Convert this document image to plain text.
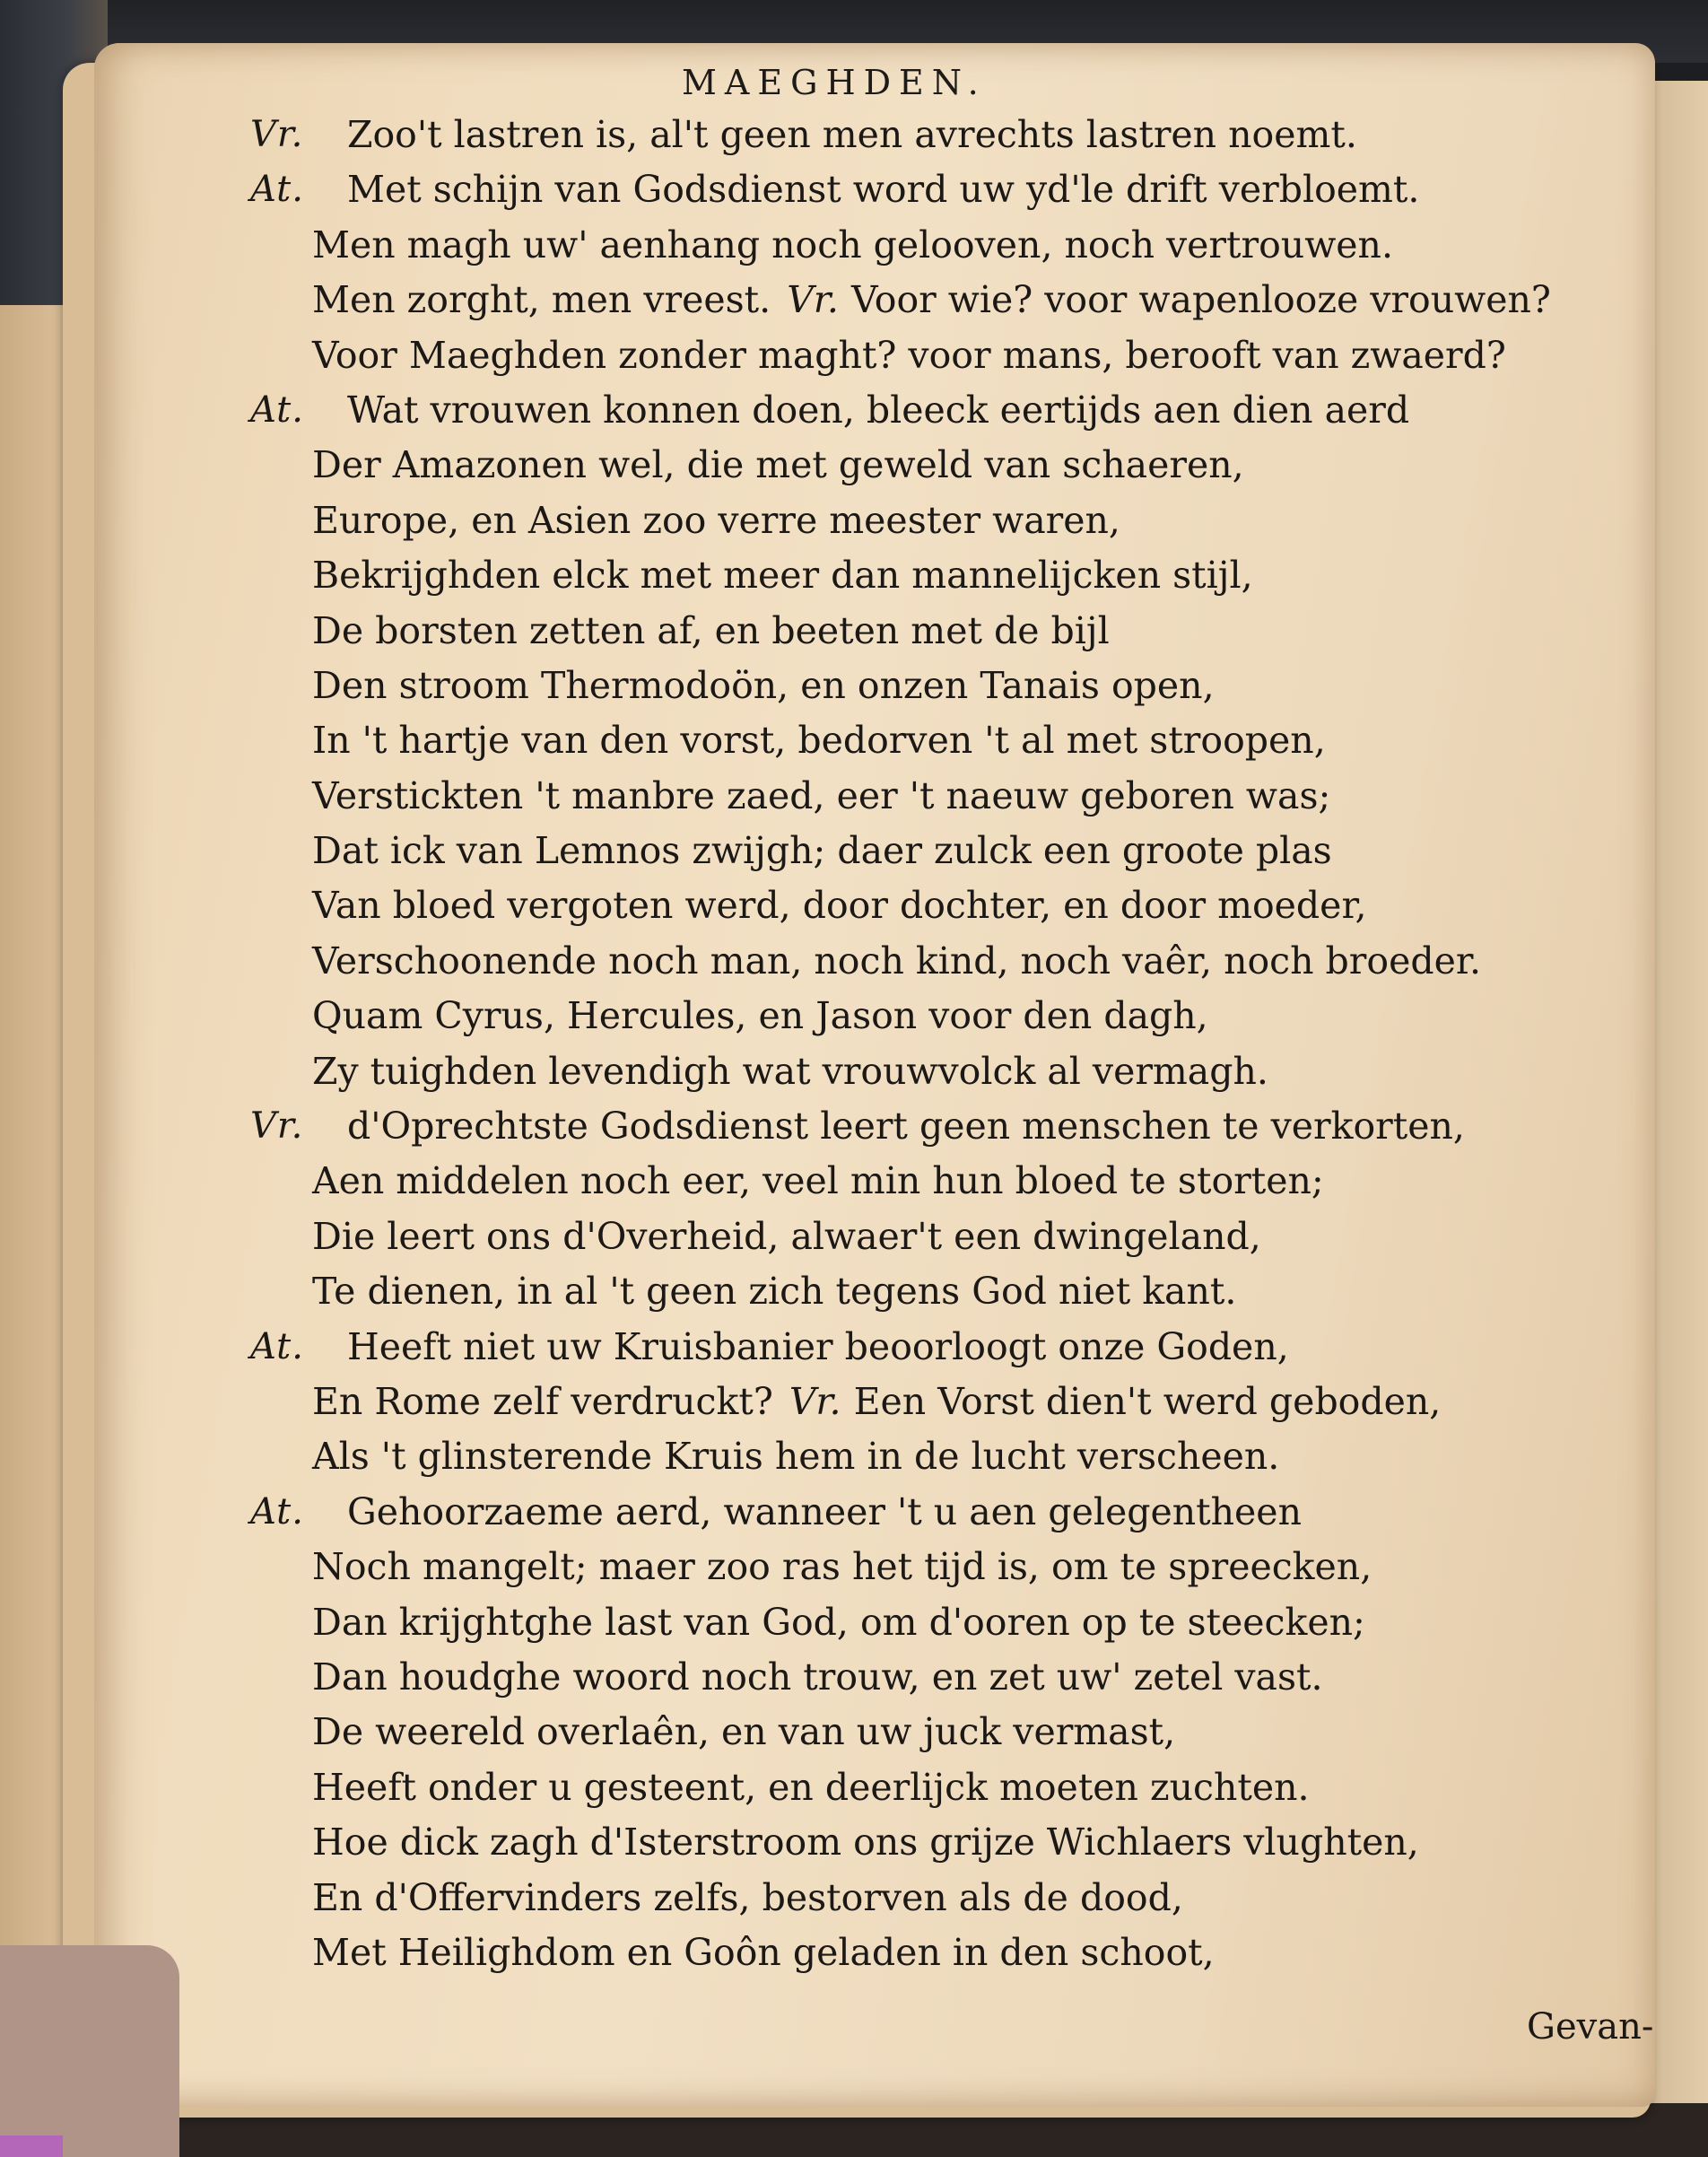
MAEGHDEN.
Vr. Zoo't lastren is, al't geen men avrechts lastren noemt.
At. Met schijn van Godsdienst word uw yd'le drift verbloemt.
Men magh uw' aenhang noch gelooven, noch vertrouwen.
Men zorght, men vreest. Vr. Voor wie? voor wapenlooze vrouwen?
Voor Maeghden zonder maght? voor mans, berooft van zwaerd?
At. Wat vrouwen konnen doen, bleeck eertijds aen dien aerd
Der Amazonen wel, die met geweld van schaeren,
Europe, en Asien zoo verre meester waren,
Bekrijghden elck met meer dan mannelijcken stijl,
De borsten zetten af, en beeten met de bijl
Den stroom Thermodoön, en onzen Tanais open,
In 't hartje van den vorst, bedorven 't al met stroopen,
Verstickten 't manbre zaed, eer 't naeuw geboren was;
Dat ick van Lemnos zwijgh; daer zulck een groote plas
Van bloed vergoten werd, door dochter, en door moeder,
Verschoonende noch man, noch kind, noch vaêr, noch broeder.
Quam Cyrus, Hercules, en Jason voor den dagh,
Zy tuighden levendigh wat vrouwvolck al vermagh.
Vr. d'Oprechtste Godsdienst leert geen menschen te verkorten,
Aen middelen noch eer, veel min hun bloed te storten;
Die leert ons d'Overheid, alwaer't een dwingeland,
Te dienen, in al 't geen zich tegens God niet kant.
At. Heeft niet uw Kruisbanier beoorloogt onze Goden,
En Rome zelf verdruckt? Vr. Een Vorst dien't werd geboden,
Als 't glinsterende Kruis hem in de lucht verscheen.
At. Gehoorzaeme aerd, wanneer 't u aen gelegentheen
Noch mangelt; maer zoo ras het tijd is, om te spreecken,
Dan krijghtghe last van God, om d'ooren op te steecken;
Dan houdghe woord noch trouw, en zet uw' zetel vast.
De weereld overlaên, en van uw juck vermast,
Heeft onder u gesteent, en deerlijck moeten zuchten.
Hoe dick zagh d'Isterstroom ons grijze Wichlaers vlughten,
En d'Offervinders zelfs, bestorven als de dood,
Met Heilighdom en Goôn geladen in den schoot,
Gevan-
